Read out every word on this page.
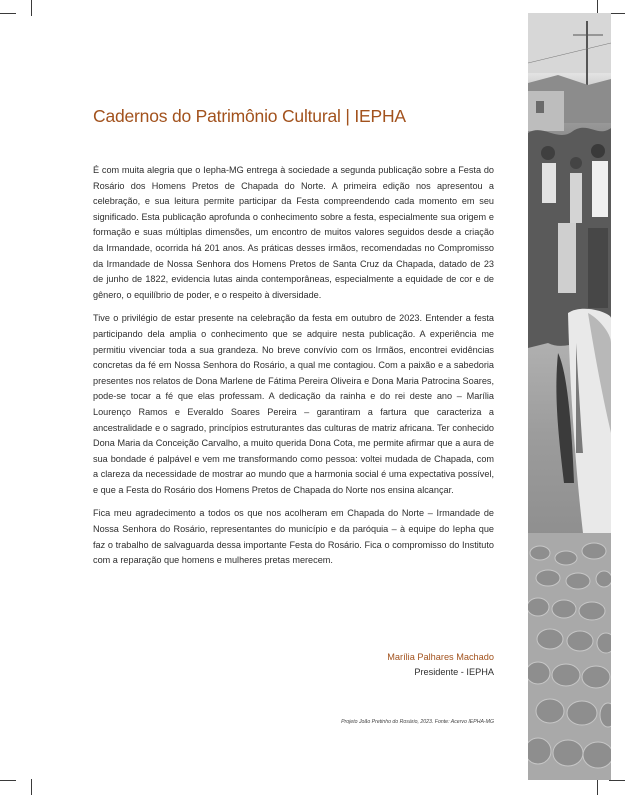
Cadernos do Patrimônio Cultural | IEPHA

É com muita alegria que o Iepha-MG entrega à sociedade a segunda publicação sobre a Festa do Rosário dos Homens Pretos de Chapada do Norte. A primeira edição nos apresentou a celebração, e sua leitura permite participar da Festa compreendendo cada momento em seu significado. Esta publicação aprofunda o conhecimento sobre a festa, especialmente sua origem e formação e suas múltiplas dimensões, um encontro de muitos valores seguidos desde a criação da Irmandade, ocorrida há 201 anos. As práticas desses irmãos, recomendadas no Compromisso da Irmandade de Nossa Senhora dos Homens Pretos de Santa Cruz da Chapada, datado de 23 de junho de 1822, evidencia lutas ainda contemporâneas, especialmente a equidade de cor e de gênero, o equilíbrio de poder, e o respeito à diversidade.

Tive o privilégio de estar presente na celebração da festa em outubro de 2023. Entender a festa participando dela amplia o conhecimento que se adquire nesta publicação. A experiência me permitiu vivenciar toda a sua grandeza. No breve convívio com os Irmãos, encontrei evidências concretas da fé em Nossa Senhora do Rosário, a qual me contagiou. Com a paixão e a sabedoria presentes nos relatos de Dona Marlene de Fátima Pereira Oliveira e Dona Maria Patrocina Soares, pode-se tocar a fé que elas professam. A dedicação da rainha e do rei deste ano – Marília Lourenço Ramos e Everaldo Soares Pereira – garantiram a fartura que caracteriza a ancestralidade e o sagrado, princípios estruturantes das culturas de matriz africana. Ter conhecido Dona Maria da Conceição Carvalho, a muito querida Dona Cota, me permite afirmar que a aura de sua bondade é palpável e vem me transformando como pessoa: voltei mudada de Chapada, com a clareza da necessidade de mostrar ao mundo que a harmonia social é uma expectativa possível, e que a Festa do Rosário dos Homens Pretos de Chapada do Norte nos ensina alcançar.

Fica meu agradecimento a todos os que nos acolheram em Chapada do Norte – Irmandade de Nossa Senhora do Rosário, representantes do município e da paróquia – à equipe do Iepha que faz o trabalho de salvaguarda dessa importante Festa do Rosário. Fica o compromisso do Instituto com a reparação que homens e mulheres pretas merecem.

Marília Palhares Machado
Presidente - IEPHA
Projeto João Pretinho do Rosário, 2023. Fonte: Acervo IEPHA-MG
